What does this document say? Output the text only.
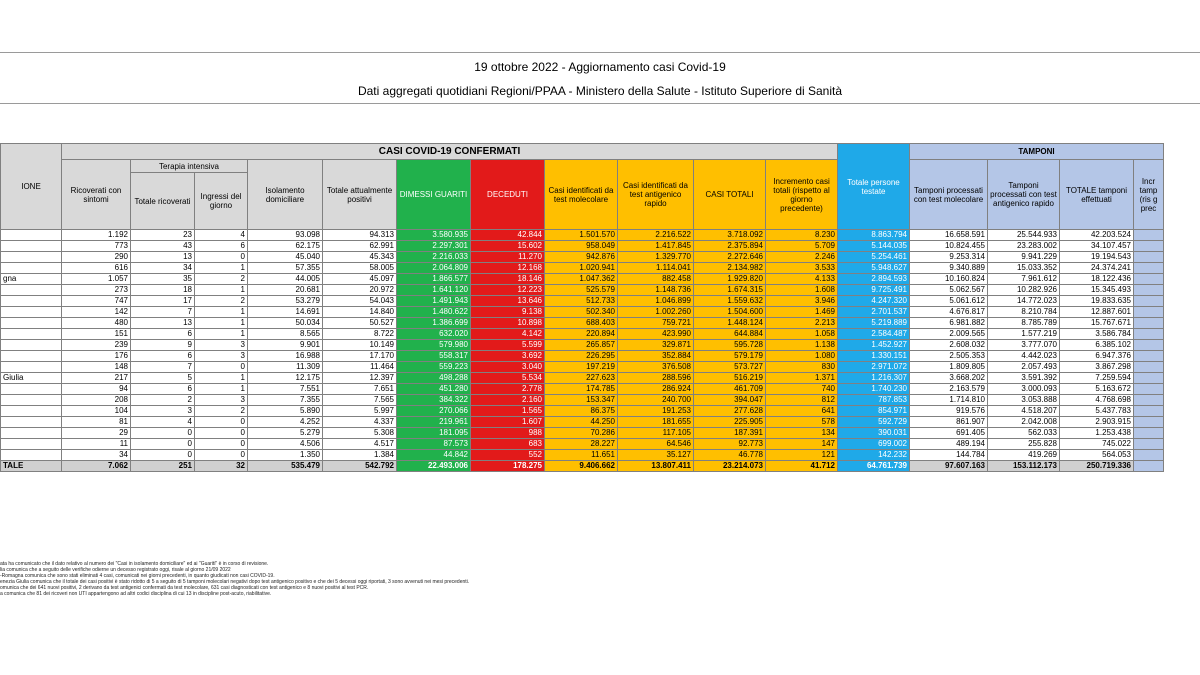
19 ottobre 2022 - Aggiornamento casi Covid-19
Dati aggregati quotidiani Regioni/PPAA - Ministero della Salute - Istituto Superiore di Sanità
IONE	CASI COVID-19 CONFERMATI											Totale persone testate	TAMPONI			
	Ricoverati con sintomi	Terapia intensiva		Isolamento domiciliare	Totale attualmente positivi	DIMESSI GUARITI	DECEDUTI	Casi identificati da test molecolare	Casi identificati da test antigenico rapido	CASI TOTALI	Incremento casi totali (rispetto al giorno precedente)		Tamponi processati con test molecolare	Tamponi processati con test antigenico rapido	TOTALE tamponi effettuati	Incr tamp (ris g prec
		Totale ricoverati	Ingressi del giorno													
	1.192	23	4	93.098	94.313	3.580.935	42.844	1.501.570	2.216.522	3.718.092	8.230	8.863.794	16.658.591	25.544.933	42.203.524	
	773	43	6	62.175	62.991	2.297.301	15.602	958.049	1.417.845	2.375.894	5.709	5.144.035	10.824.455	23.283.002	34.107.457	
	290	13	0	45.040	45.343	2.216.033	11.270	942.876	1.329.770	2.272.646	2.246	5.254.461	9.253.314	9.941.229	19.194.543	
	616	34	1	57.355	58.005	2.064.809	12.168	1.020.941	1.114.041	2.134.982	3.533	5.948.627	9.340.889	15.033.352	24.374.241	
gna	1.057	35	2	44.005	45.097	1.866.577	18.146	1.047.362	882.458	1.929.820	4.133	2.894.593	10.160.824	7.961.612	18.122.436	
	273	18	1	20.681	20.972	1.641.120	12.223	525.579	1.148.736	1.674.315	1.608	9.725.491	5.062.567	10.282.926	15.345.493	
	747	17	2	53.279	54.043	1.491.943	13.646	512.733	1.046.899	1.559.632	3.946	4.247.320	5.061.612	14.772.023	19.833.635	
	142	7	1	14.691	14.840	1.480.622	9.138	502.340	1.002.260	1.504.600	1.469	2.701.537	4.676.817	8.210.784	12.887.601	
	480	13	1	50.034	50.527	1.386.699	10.898	688.403	759.721	1.448.124	2.213	5.219.889	6.981.882	8.785.789	15.767.671	
	151	6	1	8.565	8.722	632.020	4.142	220.894	423.990	644.884	1.058	2.584.487	2.009.565	1.577.219	3.586.784	
	239	9	3	9.901	10.149	579.980	5.599	265.857	329.871	595.728	1.138	1.452.927	2.608.032	3.777.070	6.385.102	
	176	6	3	16.988	17.170	558.317	3.692	226.295	352.884	579.179	1.080	1.330.151	2.505.353	4.442.023	6.947.376	
	148	7	0	11.309	11.464	559.223	3.040	197.219	376.508	573.727	830	2.971.072	1.809.805	2.057.493	3.867.298	
Giulia	217	5	1	12.175	12.397	498.288	5.534	227.623	288.596	516.219	1.371	1.216.307	3.668.202	3.591.392	7.259.594	
	94	6	1	7.551	7.651	451.280	2.778	174.785	286.924	461.709	740	1.740.230	2.163.579	3.000.093	5.163.672	
	208	2	3	7.355	7.565	384.322	2.160	153.347	240.700	394.047	812	787.853	1.714.810	3.053.888	4.768.698	
	104	3	2	5.890	5.997	270.066	1.565	86.375	191.253	277.628	641	854.971	919.576	4.518.207	5.437.783	
	81	4	0	4.252	4.337	219.961	1.607	44.250	181.655	225.905	578	592.729	861.907	2.042.008	2.903.915	
	29	0	0	5.279	5.308	181.095	988	70.286	117.105	187.391	134	390.031	691.405	562.033	1.253.438	
	11	0	0	4.506	4.517	87.573	683	28.227	64.546	92.773	147	699.002	489.194	255.828	745.022	
	34	0	0	1.350	1.384	44.842	552	11.651	35.127	46.778	121	142.232	144.784	419.269	564.053	
TALE	7.062	251	32	535.479	542.792	22.493.006	178.275	9.406.662	13.807.411	23.214.073	41.712	64.761.739	97.607.163	153.112.173	250.719.336	
ata ha comunicato che il dato relativo al numero dei "Casi in isolamento domiciliare" ed ai "Guariti" è in corso di revisione.
lia comunica che a seguito delle verifiche odierne un decesso registrato oggi, risale al giorno 21/09 2022
-Romagna comunica che sono stati eliminati 4 casi, comunicati nei giorni precedenti, in quanto giudicati non casi COVID-19.
enezia Giulia comunica che il totale dei casi positivi è stato ridotto di 5 a seguito di 5 tamponi molecolari negativi dopo test antigenico positivo e che dei 5 decessi oggi riportati, 3 sono avvenuti nei mesi precedenti.
omunica che dei 641 nuovi positivi, 2 derivano da test antigenici confermati da test molecolare, 631 casi diagnosticati con test antigenico e 8 nuovi positivi al test PCR.
a comunica che 81 dei ricoveri non UTI appartengono ad altri codici disciplina di cui 13 in discipline post-acuto, riabilitative.
